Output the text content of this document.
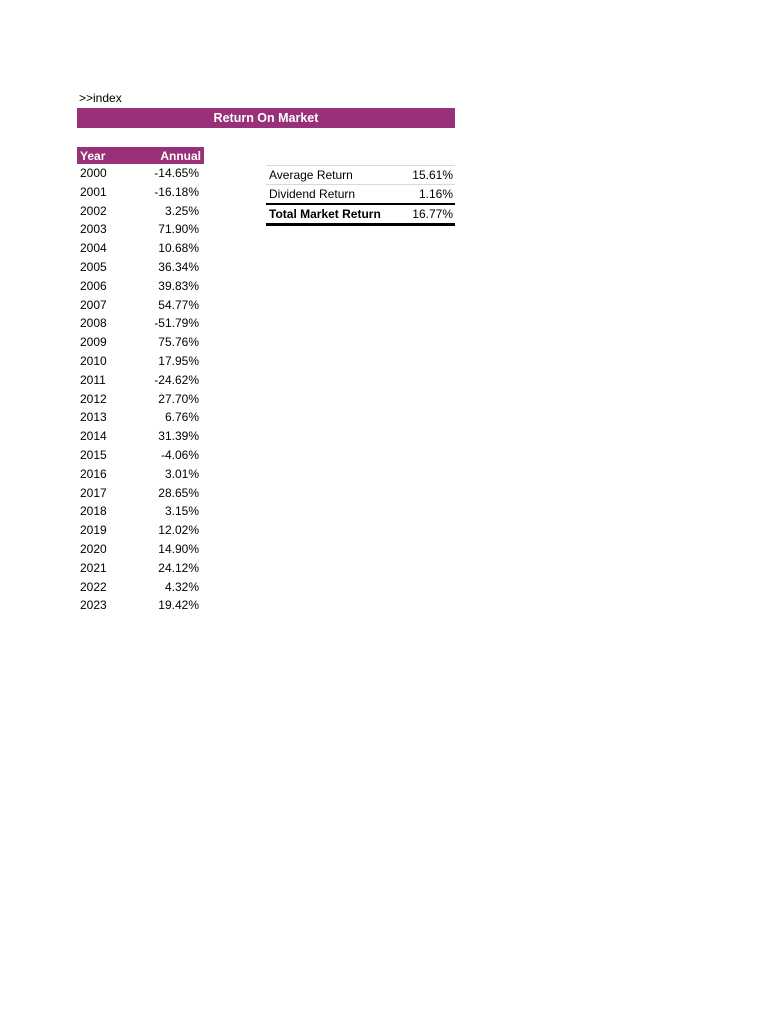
>>index
Return On Market
Year	Annual
2000	-14.65%
2001	-16.18%
2002	3.25%
2003	71.90%
2004	10.68%
2005	36.34%
2006	39.83%
2007	54.77%
2008	-51.79%
2009	75.76%
2010	17.95%
2011	-24.62%
2012	27.70%
2013	6.76%
2014	31.39%
2015	-4.06%
2016	3.01%
2017	28.65%
2018	3.15%
2019	12.02%
2020	14.90%
2021	24.12%
2022	4.32%
2023	19.42%
Average Return	15.61%
Dividend Return	1.16%
Total Market Return	16.77%
